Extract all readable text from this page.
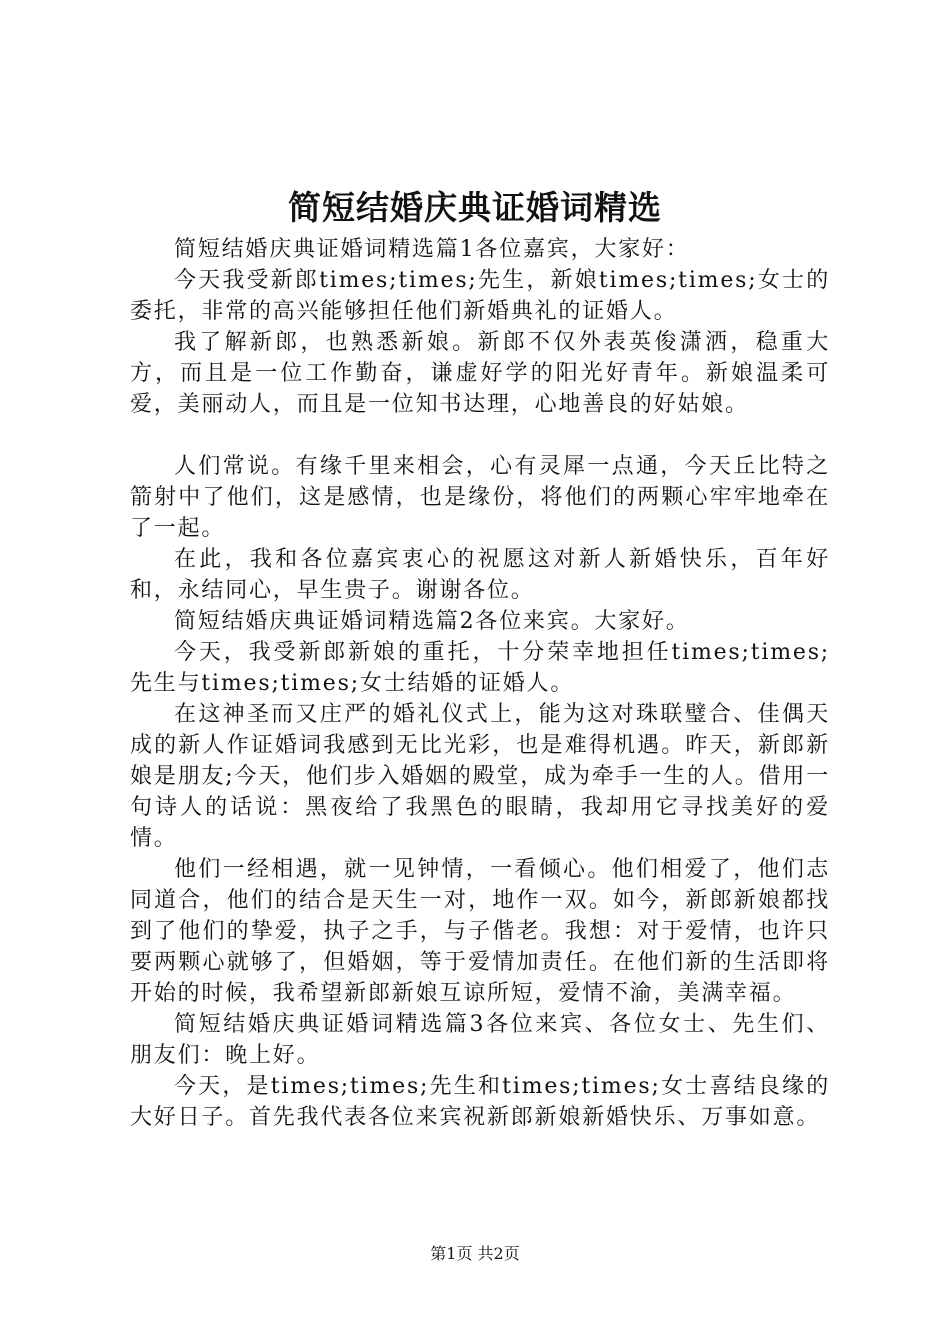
简短结婚庆典证婚词精选

简短结婚庆典证婚词精选篇1各位嘉宾，大家好：

今天我受新郎times;times;先生，新娘times;times;女士的委托，非常的高兴能够担任他们新婚典礼的证婚人。

我了解新郎，也熟悉新娘。新郎不仅外表英俊潇洒，稳重大方，而且是一位工作勤奋，谦虚好学的阳光好青年。新娘温柔可爱，美丽动人，而且是一位知书达理，心地善良的好姑娘。

人们常说。有缘千里来相会，心有灵犀一点通，今天丘比特之箭射中了他们，这是感情，也是缘份，将他们的两颗心牢牢地牵在了一起。

在此，我和各位嘉宾衷心的祝愿这对新人新婚快乐，百年好和，永结同心，早生贵子。谢谢各位。

简短结婚庆典证婚词精选篇2各位来宾。大家好。

今天，我受新郎新娘的重托，十分荣幸地担任times;times;先生与times;times;女士结婚的证婚人。

在这神圣而又庄严的婚礼仪式上，能为这对珠联璧合、佳偶天成的新人作证婚词我感到无比光彩，也是难得机遇。昨天，新郎新娘是朋友;今天，他们步入婚姻的殿堂，成为牵手一生的人。借用一句诗人的话说：黑夜给了我黑色的眼睛，我却用它寻找美好的爱情。

他们一经相遇，就一见钟情，一看倾心。他们相爱了，他们志同道合，他们的结合是天生一对，地作一双。如今，新郎新娘都找到了他们的挚爱，执子之手，与子偕老。我想：对于爱情，也许只要两颗心就够了，但婚姻，等于爱情加责任。在他们新的生活即将开始的时候，我希望新郎新娘互谅所短，爱情不渝，美满幸福。

简短结婚庆典证婚词精选篇3各位来宾、各位女士、先生们、朋友们：晚上好。

今天，是times;times;先生和times;times;女士喜结良缘的大好日子。首先我代表各位来宾祝新郎新娘新婚快乐、万事如意。

第1页 共2页
